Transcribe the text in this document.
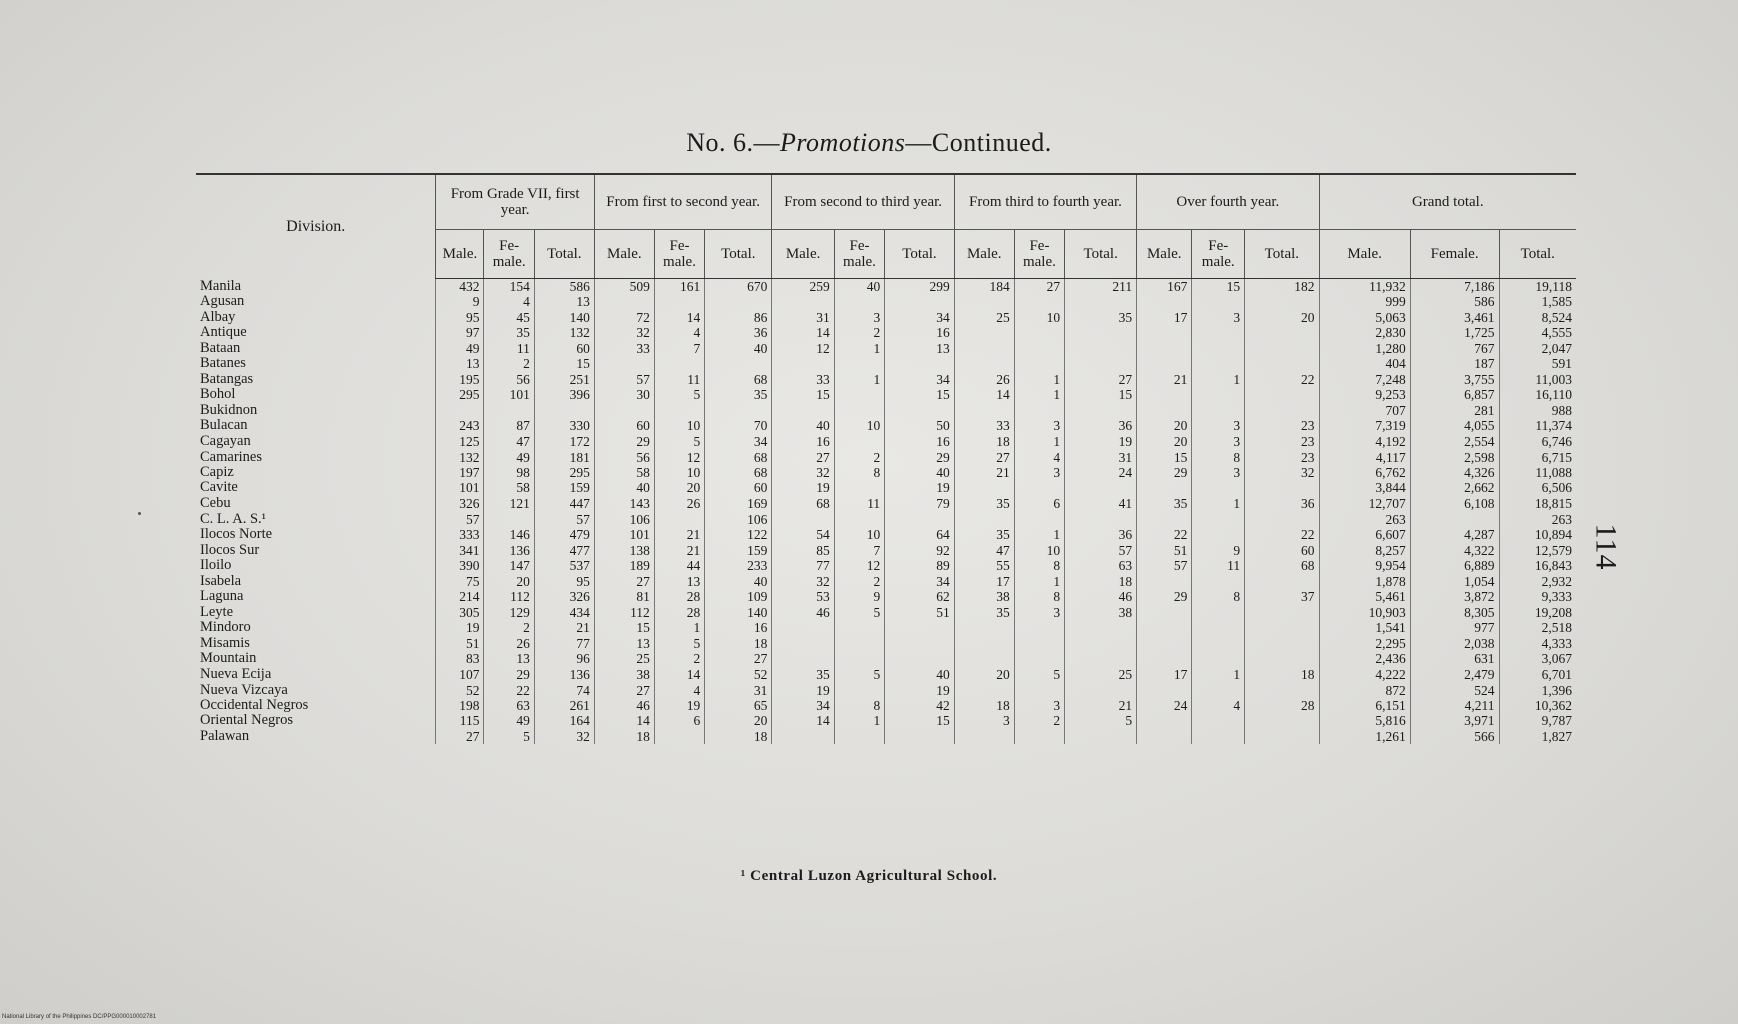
No. 6.—Promotions—Continued.
114
Division.	From Grade VII, first year.			From first to second year.			From second to third year.			From third to fourth year.			Over fourth year.			Grand total.		
	Male.	Fe- male.	Total.	Male.	Fe- male.	Total.	Male.	Fe- male.	Total.	Male.	Fe- male.	Total.	Male.	Fe- male.	Total.	Male.	Female.	Total.
Manila	432	154	586	509	161	670	259	40	299	184	27	211	167	15	182	11,932	7,186	19,118
Agusan	9	4	13													999	586	1,585
Albay	95	45	140	72	14	86	31	3	34	25	10	35	17	3	20	5,063	3,461	8,524
Antique	97	35	132	32	4	36	14	2	16							2,830	1,725	4,555
Bataan	49	11	60	33	7	40	12	1	13							1,280	767	2,047
Batanes	13	2	15													404	187	591
Batangas	195	56	251	57	11	68	33	1	34	26	1	27	21	1	22	7,248	3,755	11,003
Bohol	295	101	396	30	5	35	15		15	14	1	15				9,253	6,857	16,110
Bukidnon																707	281	988
Bulacan	243	87	330	60	10	70	40	10	50	33	3	36	20	3	23	7,319	4,055	11,374
Cagayan	125	47	172	29	5	34	16		16	18	1	19	20	3	23	4,192	2,554	6,746
Camarines	132	49	181	56	12	68	27	2	29	27	4	31	15	8	23	4,117	2,598	6,715
Capiz	197	98	295	58	10	68	32	8	40	21	3	24	29	3	32	6,762	4,326	11,088
Cavite	101	58	159	40	20	60	19		19							3,844	2,662	6,506
Cebu	326	121	447	143	26	169	68	11	79	35	6	41	35	1	36	12,707	6,108	18,815
C. L. A. S.¹	57		57	106		106										263		263
Ilocos Norte	333	146	479	101	21	122	54	10	64	35	1	36	22		22	6,607	4,287	10,894
Ilocos Sur	341	136	477	138	21	159	85	7	92	47	10	57	51	9	60	8,257	4,322	12,579
Iloilo	390	147	537	189	44	233	77	12	89	55	8	63	57	11	68	9,954	6,889	16,843
Isabela	75	20	95	27	13	40	32	2	34	17	1	18				1,878	1,054	2,932
Laguna	214	112	326	81	28	109	53	9	62	38	8	46	29	8	37	5,461	3,872	9,333
Leyte	305	129	434	112	28	140	46	5	51	35	3	38				10,903	8,305	19,208
Mindoro	19	2	21	15	1	16										1,541	977	2,518
Misamis	51	26	77	13	5	18										2,295	2,038	4,333
Mountain	83	13	96	25	2	27										2,436	631	3,067
Nueva Ecija	107	29	136	38	14	52	35	5	40	20	5	25	17	1	18	4,222	2,479	6,701
Nueva Vizcaya	52	22	74	27	4	31	19		19							872	524	1,396
Occidental Negros	198	63	261	46	19	65	34	8	42	18	3	21	24	4	28	6,151	4,211	10,362
Oriental Negros	115	49	164	14	6	20	14	1	15	3	2	5				5,816	3,971	9,787
Palawan	27	5	32	18		18										1,261	566	1,827
¹ Central Luzon Agricultural School.
National Library of the Philippines DC/PPG000010002781
